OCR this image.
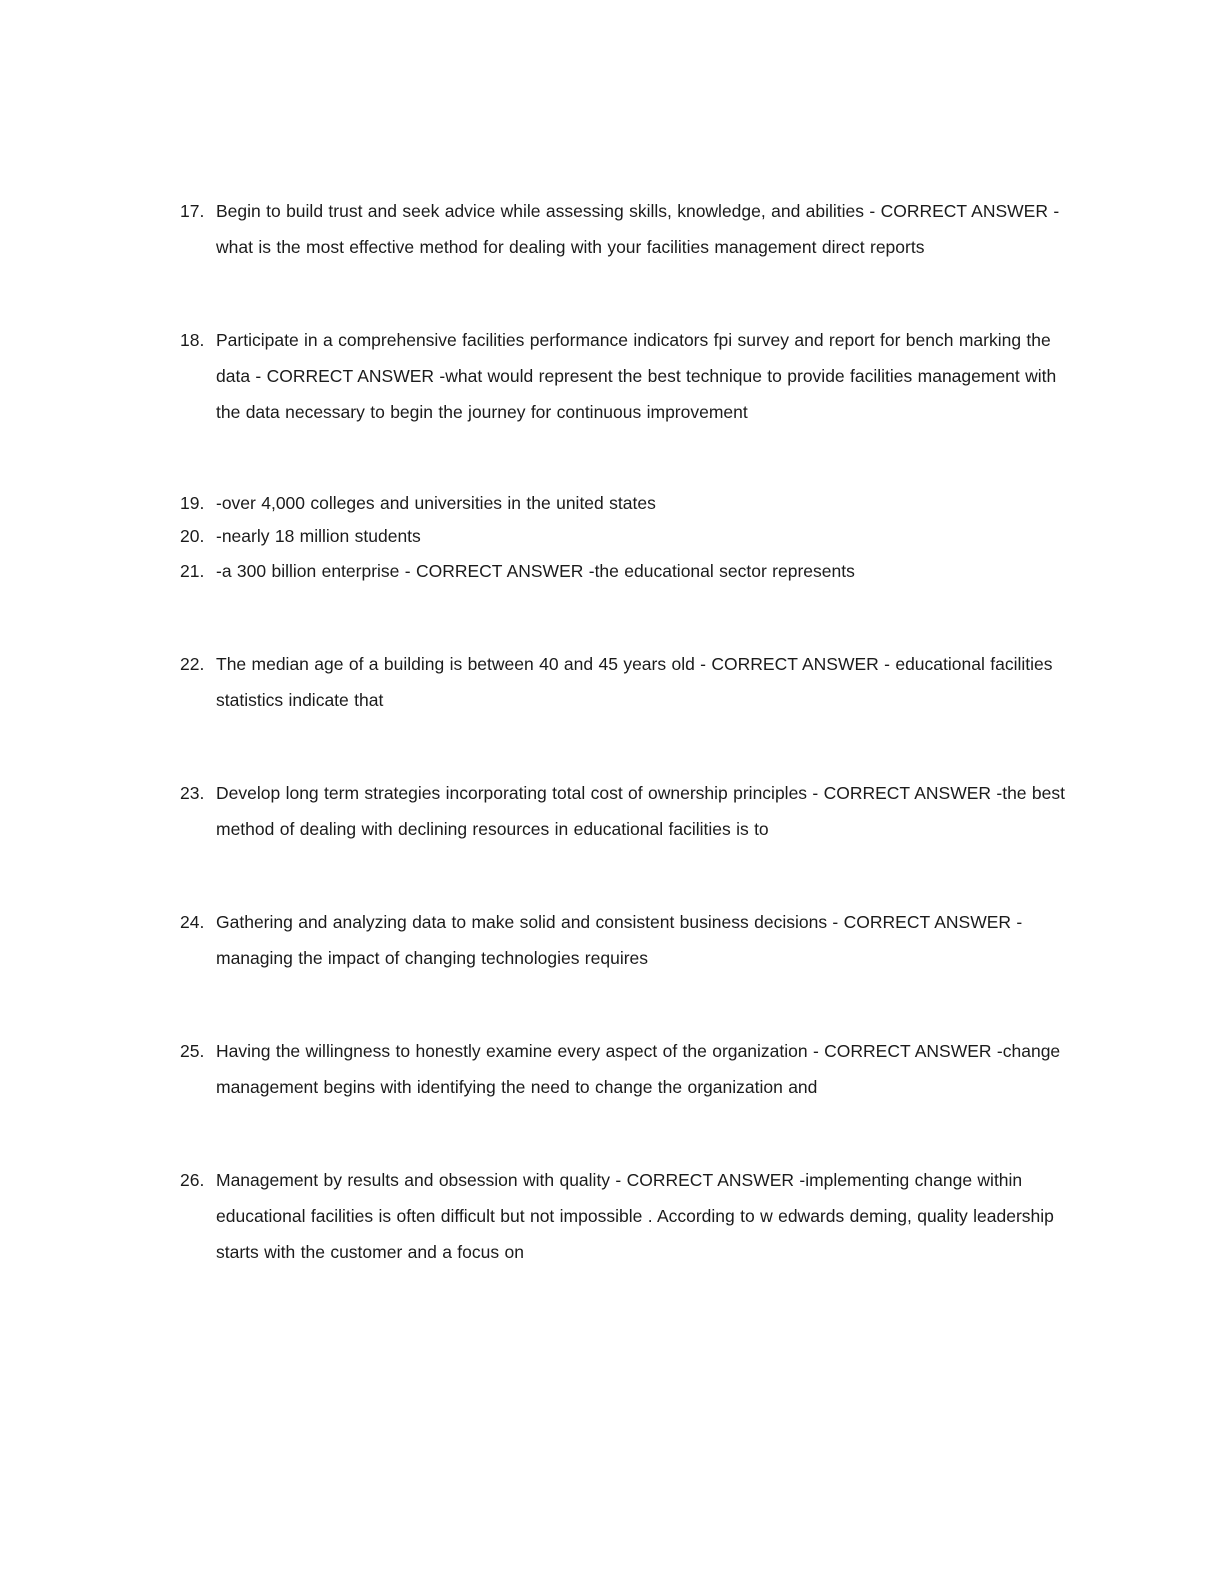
17. Begin to build trust and seek advice while assessing skills, knowledge, and abilities - CORRECT ANSWER -what is the most effective method for dealing with your facilities management direct reports
18. Participate in a comprehensive facilities performance indicators fpi survey and report for bench marking the data - CORRECT ANSWER -what would represent the best technique to provide facilities management with the data necessary to begin the journey for continuous improvement
19. -over 4,000 colleges and universities in the united states
20. -nearly 18 million students
21. -a 300 billion enterprise - CORRECT ANSWER -the educational sector represents
22. The median age of a building is between 40 and 45 years old - CORRECT ANSWER - educational facilities statistics indicate that
23. Develop long term strategies incorporating total cost of ownership principles - CORRECT ANSWER -the best method of dealing with declining resources in educational facilities is to
24. Gathering and analyzing data to make solid and consistent business decisions - CORRECT ANSWER -managing the impact of changing technologies requires
25. Having the willingness to honestly examine every aspect of the organization - CORRECT ANSWER -change management begins with identifying the need to change the organization and
26. Management by results and obsession with quality - CORRECT ANSWER -implementing change within educational facilities is often difficult but not impossible . According to w edwards deming, quality leadership starts with the customer and a focus on
